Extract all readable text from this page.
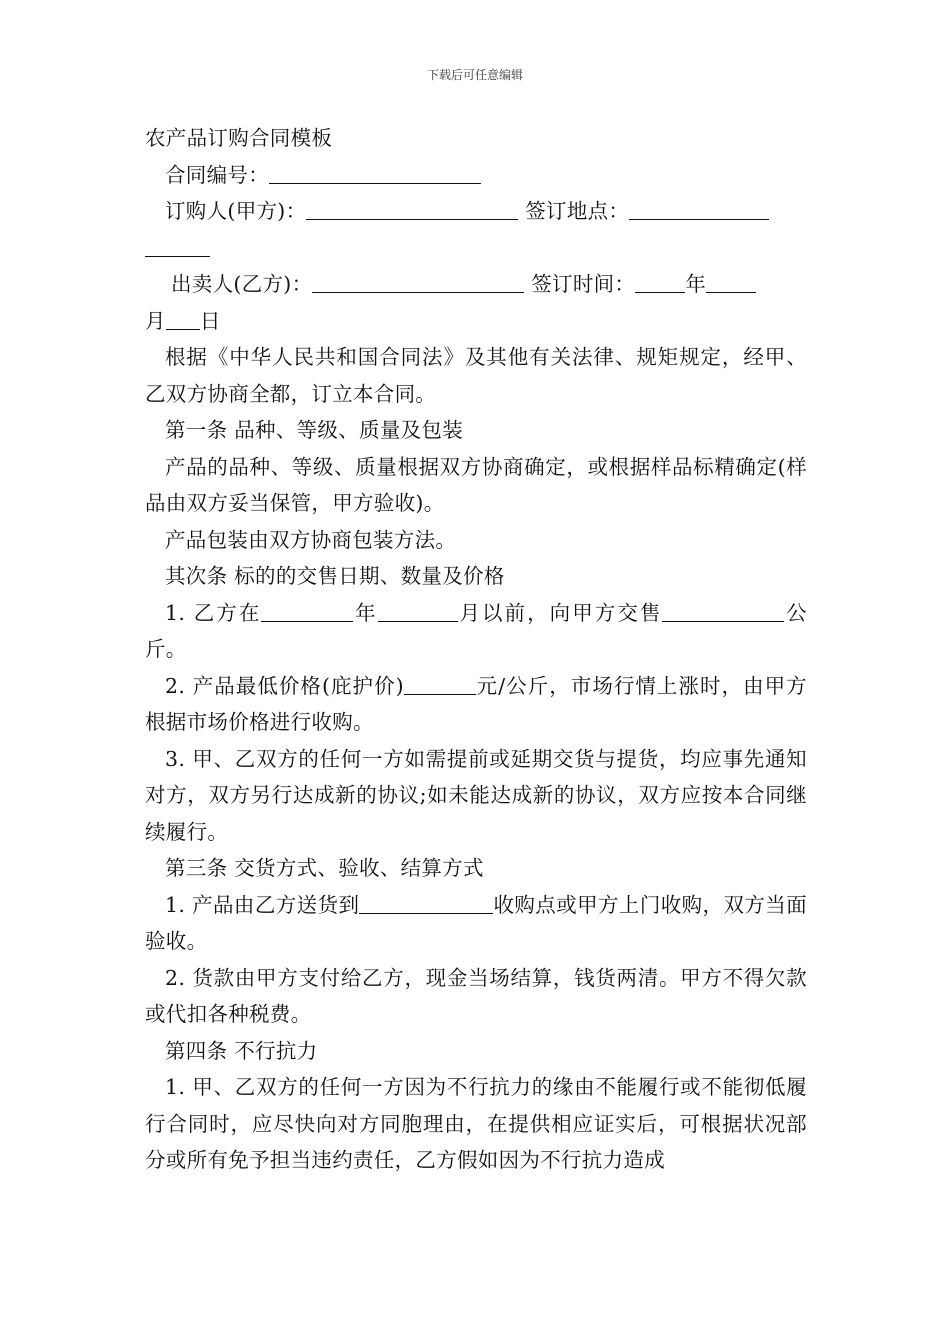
下载后可任意编辑

农产品订购合同模板

合同编号：

订购人(甲方)：	签订地点：

出卖人(乙方)：	签订时间： 年
月 日

根据《中华人民共和国合同法》及其他有关法律、规矩规定，经甲、乙双方协商全都，订立本合同。

第一条 品种、等级、质量及包装

产品的品种、等级、质量根据双方协商确定，或根据样品标精确定(样品由双方妥当保管，甲方验收)。

产品包装由双方协商包装方法。

其次条 标的的交售日期、数量及价格

1. 乙方在	年	月以前，向甲方交售	公斤。

2. 产品最低价格(庇护价)	元/公斤，市场行情上涨时，由甲方根据市场价格进行收购。

3. 甲、乙双方的任何一方如需提前或延期交货与提货，均应事先通知对方，双方另行达成新的协议;如未能达成新的协议，双方应按本合同继续履行。

第三条 交货方式、验收、结算方式

1. 产品由乙方送货到	收购点或甲方上门收购，双方当面验收。

2. 货款由甲方支付给乙方，现金当场结算，钱货两清。甲方不得欠款或代扣各种税费。

第四条 不行抗力

1. 甲、乙双方的任何一方因为不行抗力的缘由不能履行或不能彻低履行合同时，应尽快向对方同胞理由，在提供相应证实后，可根据状况部分或所有免予担当违约责任，乙方假如因为不行抗力造成
